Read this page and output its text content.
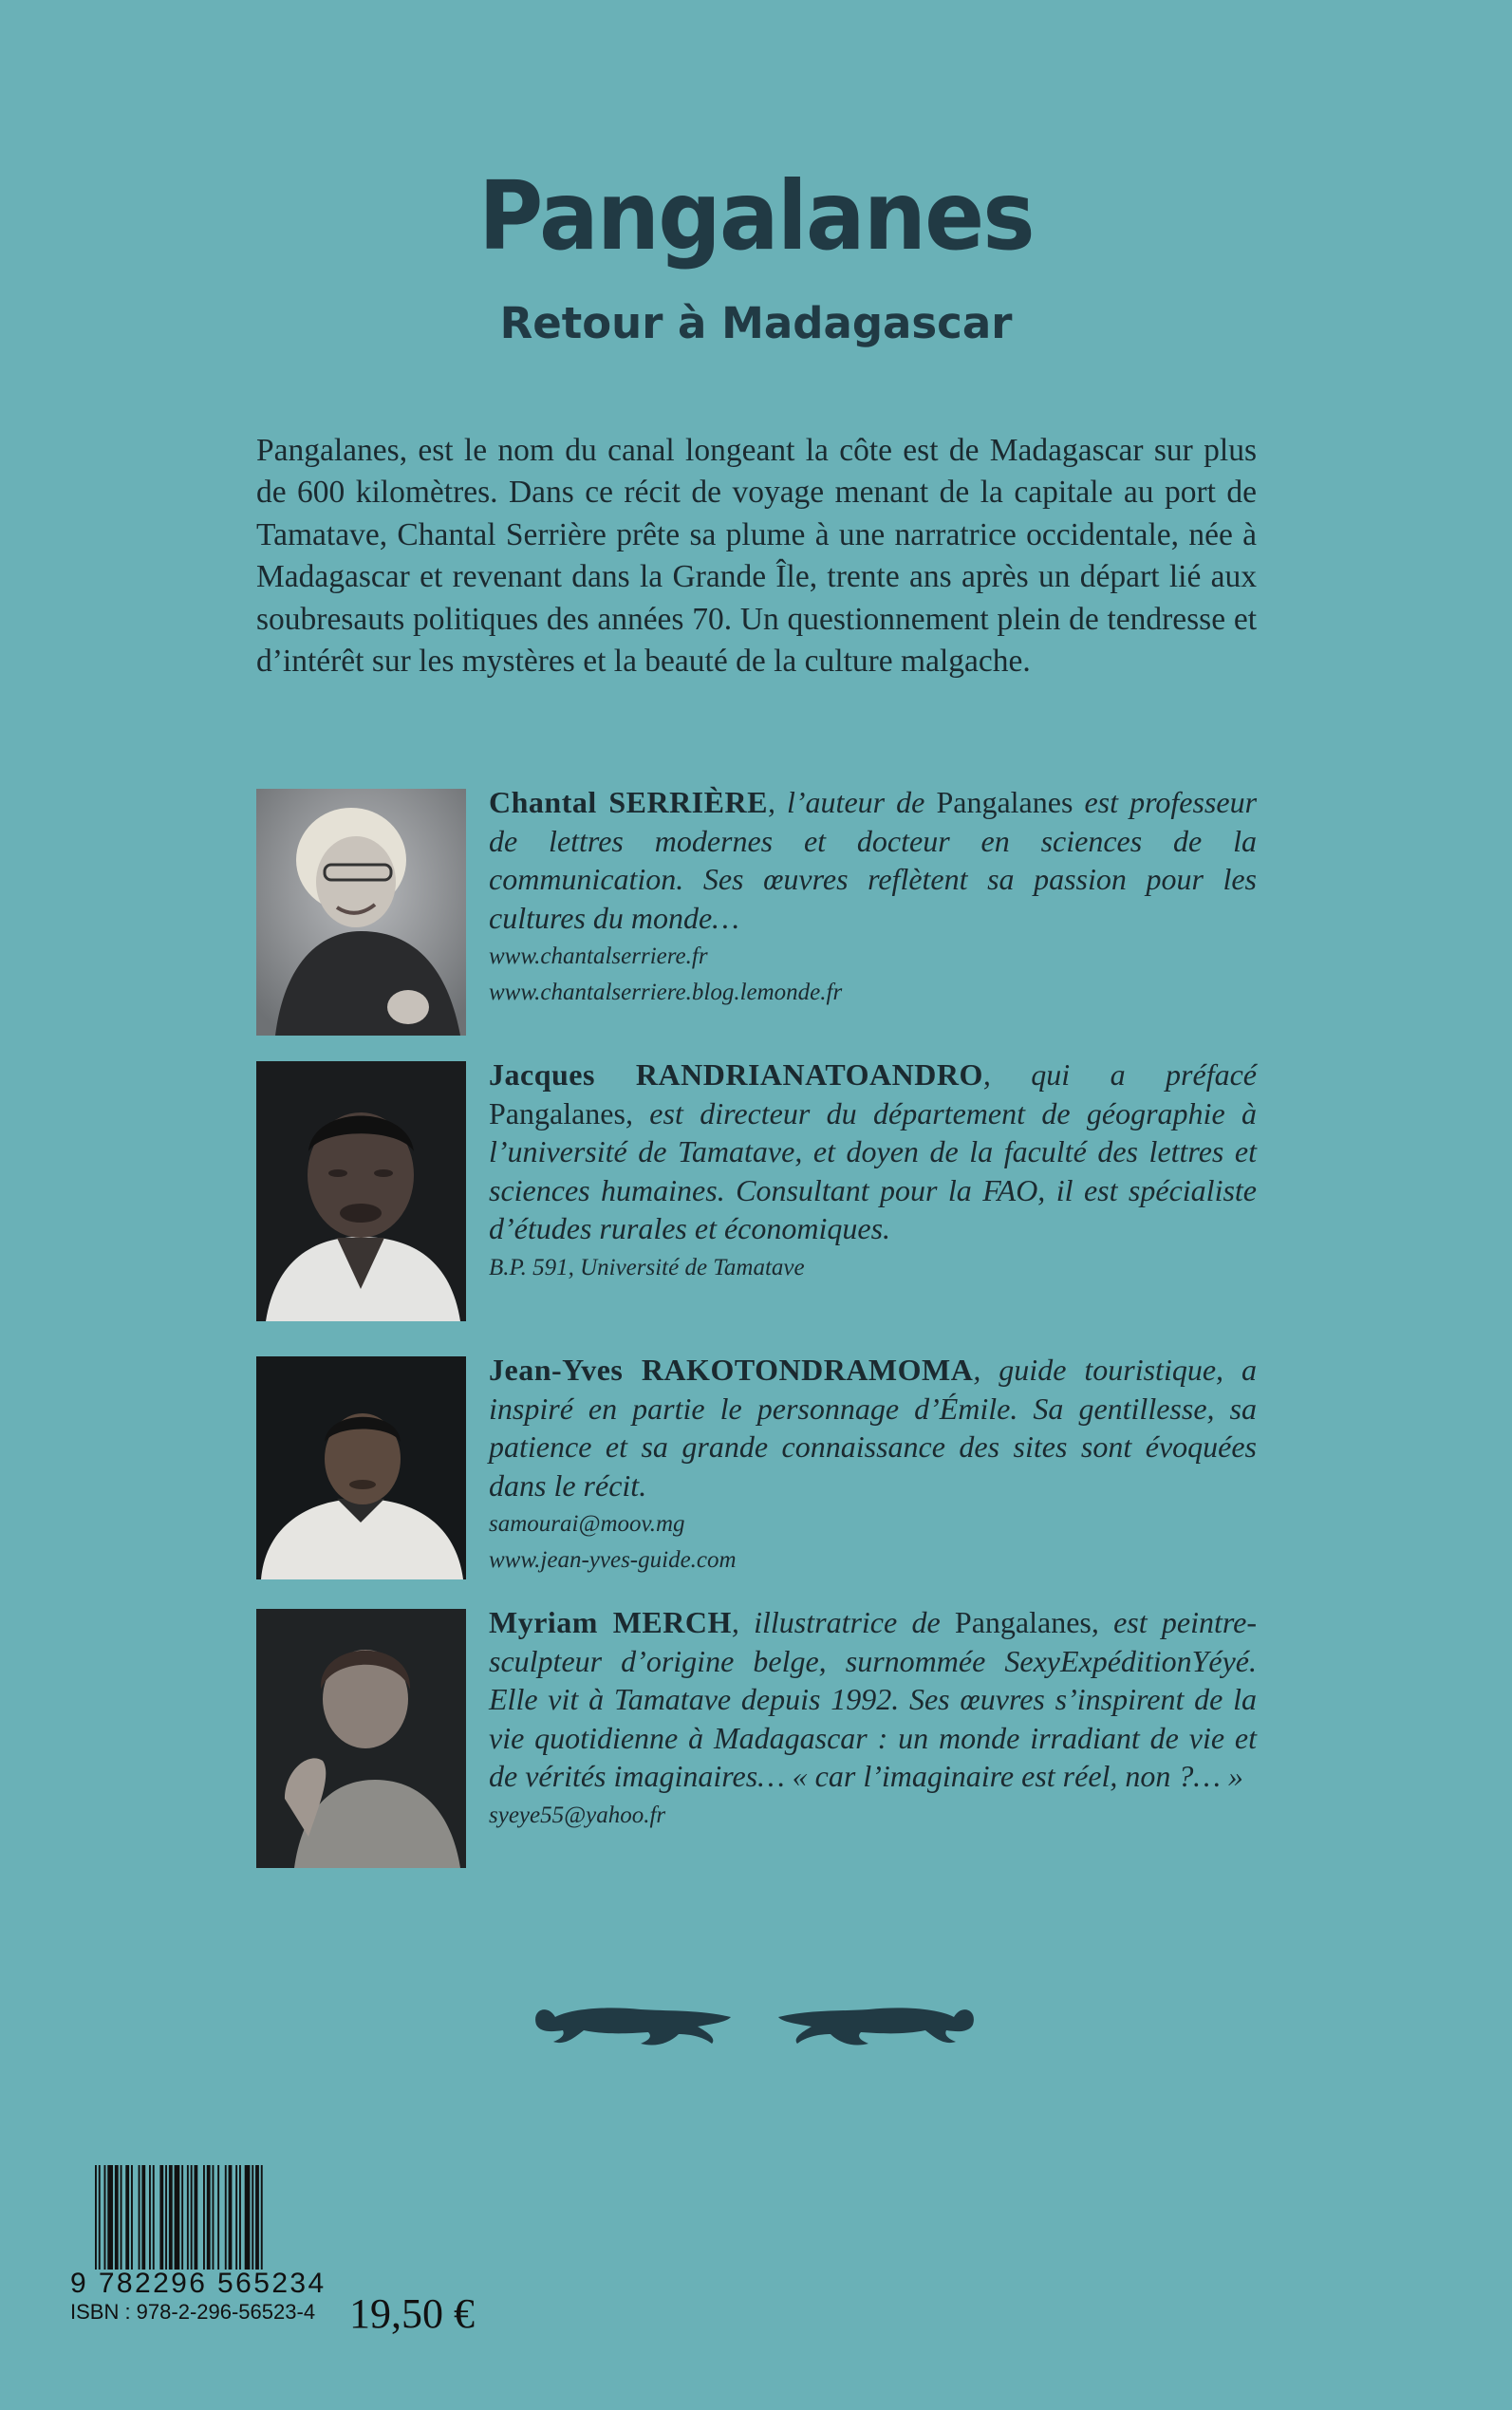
Pangalanes
Retour à Madagascar

Pangalanes, est le nom du canal longeant la côte est de Madagascar sur plus de 600 kilomètres. Dans ce récit de voyage menant de la capitale au port de Tamatave, Chantal Serrière prête sa plume à une narratrice occidentale, née à Madagascar et revenant dans la Grande Île, trente ans après un départ lié aux soubresauts politiques des années 70. Un questionnement plein de tendresse et d’intérêt sur les mystères et la beauté de la culture malgache.

Chantal SERRIÈRE, l’auteur de Pangalanes est professeur de lettres modernes et docteur en sciences de la communication. Ses œuvres reflètent sa passion pour les cultures du monde…
www.chantalserriere.fr
www.chantalserriere.blog.lemonde.fr

Jacques RANDRIANATOANDRO, qui a préfacé Pangalanes, est directeur du département de géographie à l’université de Tamatave, et doyen de la faculté des lettres et sciences humaines. Consultant pour la FAO, il est spécialiste d’études rurales et économiques.
B.P. 591, Université de Tamatave

Jean-Yves RAKOTONDRAMOMA, guide touristique, a inspiré en partie le personnage d’Émile. Sa gentillesse, sa patience et sa grande connaissance des sites sont évoquées dans le récit.
samourai@moov.mg
www.jean-yves-guide.com

Myriam MERCH, illustratrice de Pangalanes, est peintre-sculpteur d’origine belge, surnommée SexyExpéditionYéyé. Elle vit à Tamatave depuis 1992. Ses œuvres s’inspirent de la vie quotidienne à Madagascar : un monde irradiant de vie et de vérités imaginaires… « car l’imaginaire est réel, non ?… »
syeye55@yahoo.fr

9 782296 565234
ISBN : 978-2-296-56523-4 19,50 €
